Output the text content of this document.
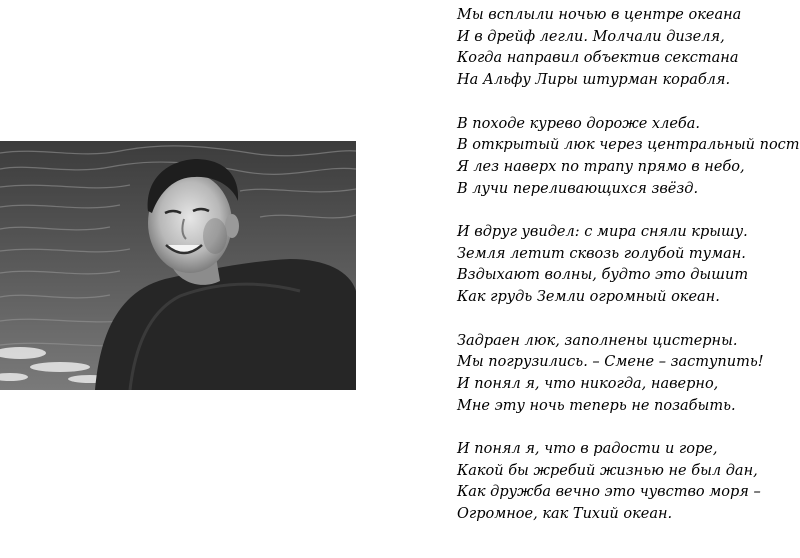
Мы всплыли ночью в центре океана
И в дрейф легли. Молчали дизеля,
Когда направил объектив секстана
На Альфу Лиры штурман корабля.
В походе курево дороже хлеба.
В открытый люк через центральный пост
Я лез наверх по трапу прямо в небо,
В лучи переливающихся звёзд.
И вдруг увидел: с мира сняли крышу.
Земля летит сквозь голубой туман.
Вздыхают волны, будто это дышит
Как грудь Земли огромный океан.
Задраен люк, заполнены цистерны.
Мы погрузились. – Смене – заступить!
И понял я, что никогда, наверно,
Мне эту ночь теперь не позабыть.
И понял я, что в радости и горе,
Какой бы жребий жизнью не был дан,
Как дружба вечно это чувство моря –
Огромное, как Тихий океан.
